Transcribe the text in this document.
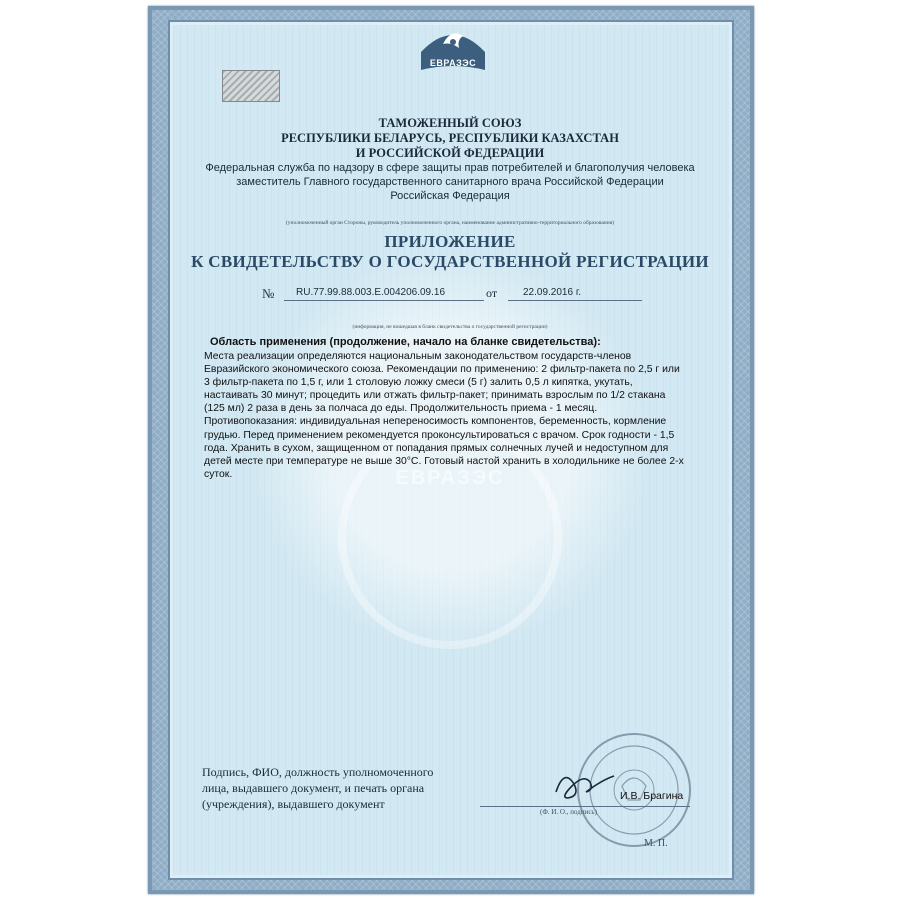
ЕВРАЗЭС
ЕВРАЗЭС
ТАМОЖЕННЫЙ СОЮЗ
РЕСПУБЛИКИ БЕЛАРУСЬ, РЕСПУБЛИКИ КАЗАХСТАН
И РОССИЙСКОЙ ФЕДЕРАЦИИ
Федеральная служба по надзору в сфере защиты прав потребителей и благополучия человека
заместитель Главного государственного санитарного врача Российской Федерации
Российская Федерация
(уполномоченный орган Стороны, руководитель уполномоченного органа, наименование административно-территориального образования)
ПРИЛОЖЕНИЕ
К СВИДЕТЕЛЬСТВУ О ГОСУДАРСТВЕННОЙ РЕГИСТРАЦИИ
№ RU.77.99.88.003.Е.004206.09.16	от	22.09.2016 г.
(информация, не вошедшая в бланк свидетельства о государственной регистрации)
Область применения (продолжение, начало на бланке свидетельства):
Места реализации определяются национальным законодательством государств-членов
Евразийского экономического союза. Рекомендации по применению: 2 фильтр-пакета по 2,5 г или
3 фильтр-пакета по 1,5 г, или 1 столовую ложку смеси (5 г) залить 0,5 л кипятка, укутать,
настаивать 30 минут; процедить или отжать фильтр-пакет; принимать взрослым по 1/2 стакана
(125 мл) 2 раза в день за полчаса до еды. Продолжительность приема - 1 месяц.
Противопоказания: индивидуальная непереносимость компонентов, беременность, кормление
грудью. Перед применением рекомендуется проконсультироваться с врачом. Срок годности - 1,5
года. Хранить в сухом, защищенном от попадания прямых солнечных лучей и недоступном для
детей месте при температуре не выше 30°С. Готовый настой хранить в холодильнике не более 2-х
суток.
Подпись, ФИО, должность уполномоченного
лица, выдавшего документ, и печать органа
(учреждения), выдавшего документ
И.В. Брагина
(Ф. И. О., подпись)
М. П.
